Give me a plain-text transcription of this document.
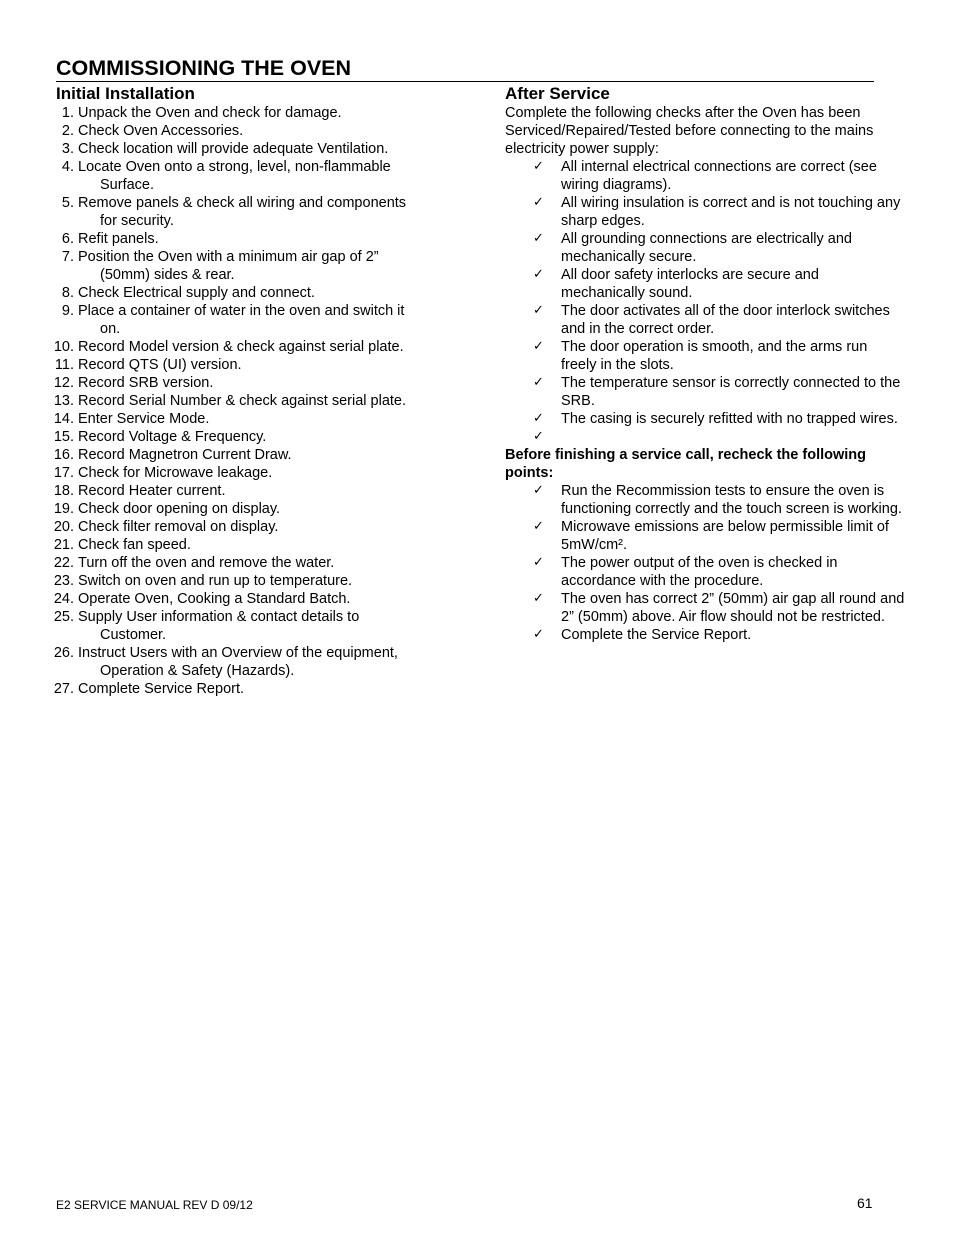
COMMISSIONING THE OVEN
Initial Installation
1. Unpack the Oven and check for damage.
2. Check Oven Accessories.
3. Check location will provide adequate Ventilation.
4. Locate Oven onto a strong, level, non-flammable
Surface.
5. Remove panels & check all wiring and components
for security.
6. Refit panels.
7. Position the Oven with a minimum air gap of 2”
(50mm) sides & rear.
8. Check Electrical supply and connect.
9. Place a container of water in the oven and switch it
on.
10. Record Model version & check against serial plate.
11. Record QTS (UI) version.
12. Record SRB version.
13. Record Serial Number & check against serial plate.
14. Enter Service Mode.
15. Record Voltage & Frequency.
16. Record Magnetron Current Draw.
17. Check for Microwave leakage.
18. Record Heater current.
19. Check door opening on display.
20. Check filter removal on display.
21. Check fan speed.
22. Turn off the oven and remove the water.
23. Switch on oven and run up to temperature.
24. Operate Oven, Cooking a Standard Batch.
25. Supply User information & contact details to
Customer.
26. Instruct Users with an Overview of the equipment,
Operation & Safety (Hazards).
27. Complete Service Report.
After Service

Complete the following checks after the Oven has been Serviced/Repaired/Tested before connecting to the mains electricity power supply:

✓ All internal electrical connections are correct (see wiring diagrams).
✓ All wiring insulation is correct and is not touching any sharp edges.
✓ All grounding connections are electrically and mechanically secure.
✓ All door safety interlocks are secure and mechanically sound.
✓ The door activates all of the door interlock switches and in the correct order.
✓ The door operation is smooth, and the arms run freely in the slots.
✓ The temperature sensor is correctly connected to the SRB.
✓ The casing is securely refitted with no trapped wires.
✓

Before finishing a service call, recheck the following points:

✓ Run the Recommission tests to ensure the oven is functioning correctly and the touch screen is working.
✓ Microwave emissions are below permissible limit of 5mW/cm².
✓ The power output of the oven is checked in accordance with the procedure.
✓ The oven has correct 2” (50mm) air gap all round and 2” (50mm) above. Air flow should not be restricted.
✓ Complete the Service Report.
E2 SERVICE MANUAL REV D 09/12	61
